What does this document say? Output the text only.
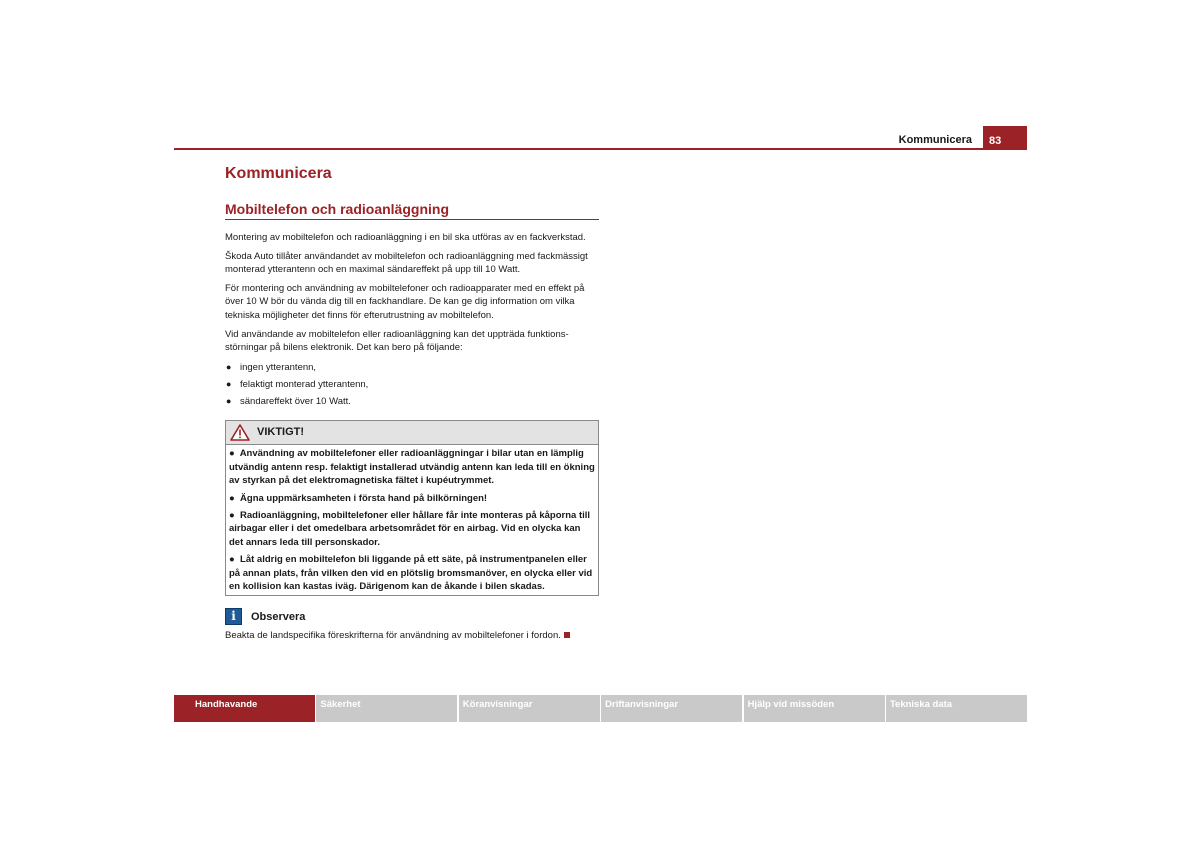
Kommunicera	83
Kommunicera
Mobiltelefon och radioanläggning

Montering av mobiltelefon och radioanläggning i en bil ska utföras av en fackverkstad.

Škoda Auto tillåter användandet av mobiltelefon och radioanläggning med fackmässigt monterad ytterantenn och en maximal sändareffekt på upp till 10 Watt.

För montering och användning av mobiltelefoner och radioapparater med en effekt på över 10 W bör du vända dig till en fackhandlare. De kan ge dig information om vilka tekniska möjligheter det finns för efterutrustning av mobiltelefon.

Vid användande av mobiltelefon eller radioanläggning kan det uppträda funktionsstörningar på bilens elektronik. Det kan bero på följande:

● ingen ytterantenn,
● felaktigt monterad ytterantenn,
● sändareffekt över 10 Watt.
VIKTIGT!
● Användning av mobiltelefoner eller radioanläggningar i bilar utan en lämplig utvändig antenn resp. felaktigt installerad utvändig antenn kan leda till en ökning av styrkan på det elektromagnetiska fältet i kupéutrymmet.
● Ägna uppmärksamheten i första hand på bilkörningen!
● Radioanläggning, mobiltelefoner eller hållare får inte monteras på kåporna till airbagar eller i det omedelbara arbetsområdet för en airbag. Vid en olycka kan det annars leda till personskador.
● Låt aldrig en mobiltelefon bli liggande på ett säte, på instrumentpanelen eller på annan plats, från vilken den vid en plötslig bromsmanöver, en olycka eller vid en kollision kan kastas iväg. Därigenom kan de åkande i bilen skadas.
i	Observera

Beakta de landspecifika föreskrifterna för användning av mobiltelefoner i fordon.

Handhavande	Säkerhet	Köranvisningar	Driftanvisningar	Hjälp vid missöden	Tekniska data
